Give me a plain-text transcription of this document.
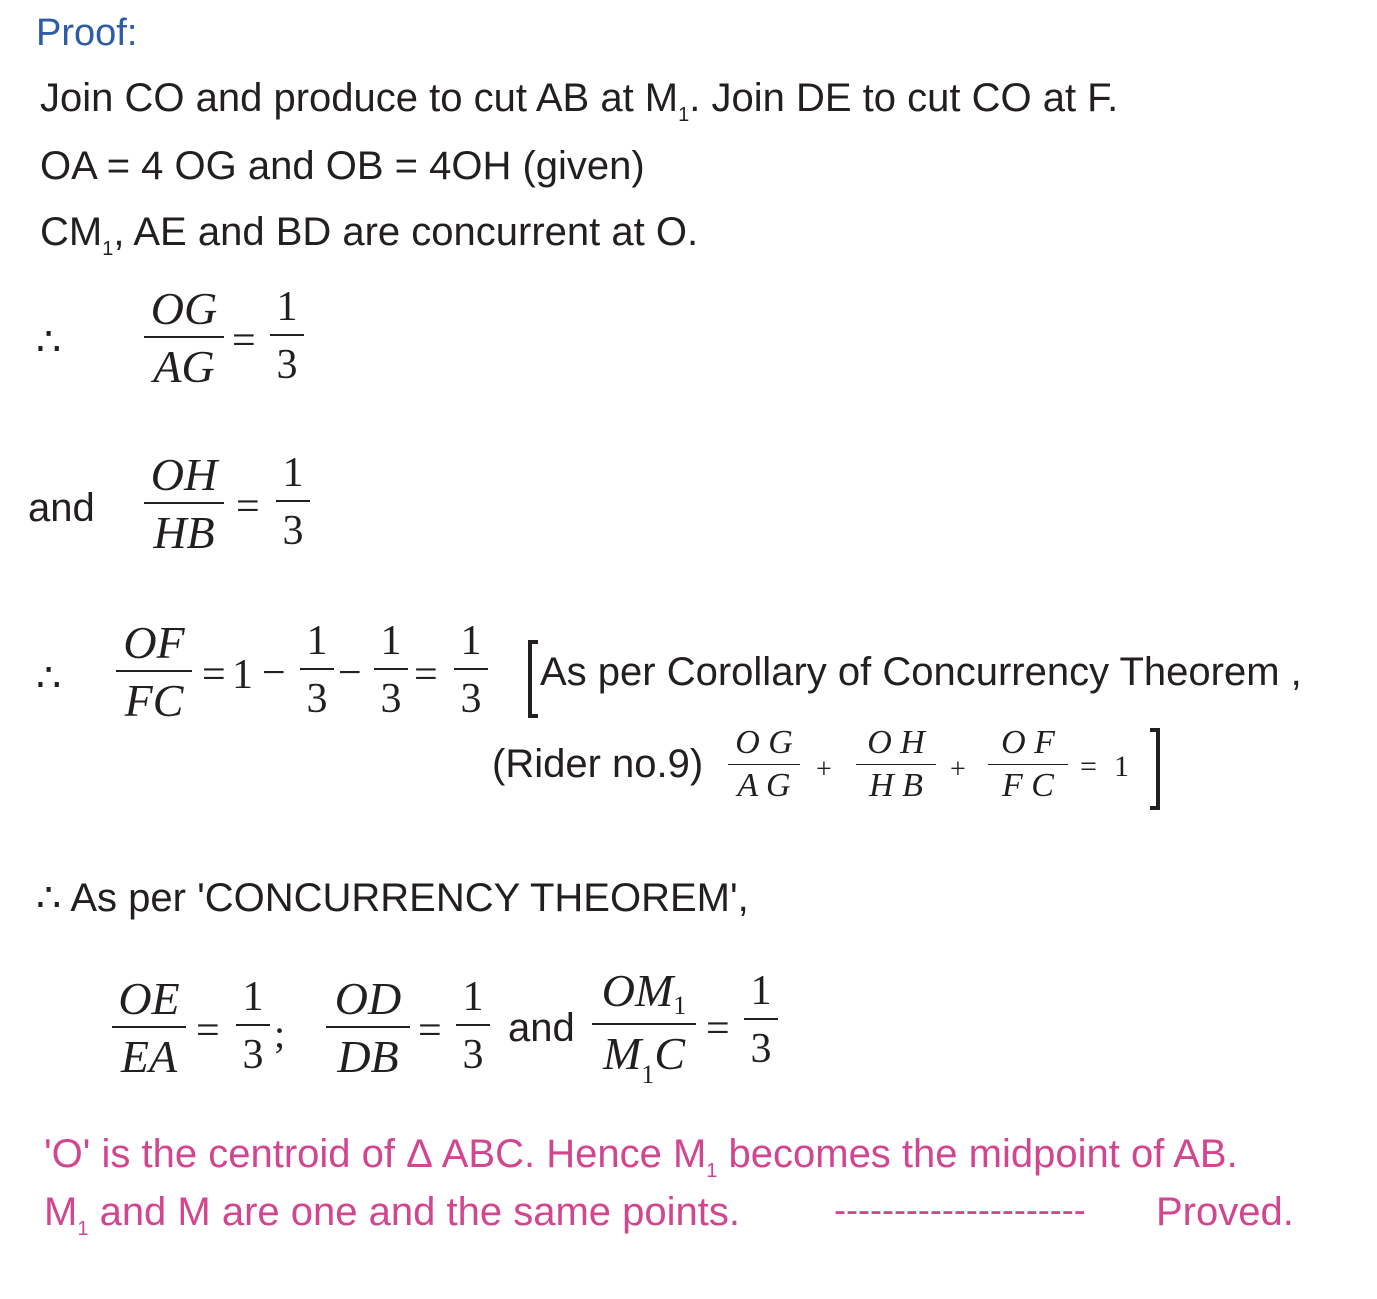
Proof:
Join CO and produce to cut AB at $M_1$. Join DE to cut CO at F.
OA = 4 OG and OB = 4OH (given)
$CM_1$, AE and BD are concurrent at O.
∴
OG
AG =
1
3
and
OH
HB =
1
3
∴
OF
FC = 1 −
1
3
−
1
3
=
1
3
As per Corollary of Concurrency Theorem ,
(Rider no.9) O G
A G +
O H
H B +
O F
F C
= 1
∴ As per 'CONCURRENCY THEOREM',
OE
EA =
1
3 ;
OD
DB =
1
3
and
OM1
$M_1C$ =
1
3
'O' is the centroid of Δ ABC. Hence $M_1$ becomes the midpoint of AB.
$M_1$ and M are one and the same points.	--------------------- Proved.
